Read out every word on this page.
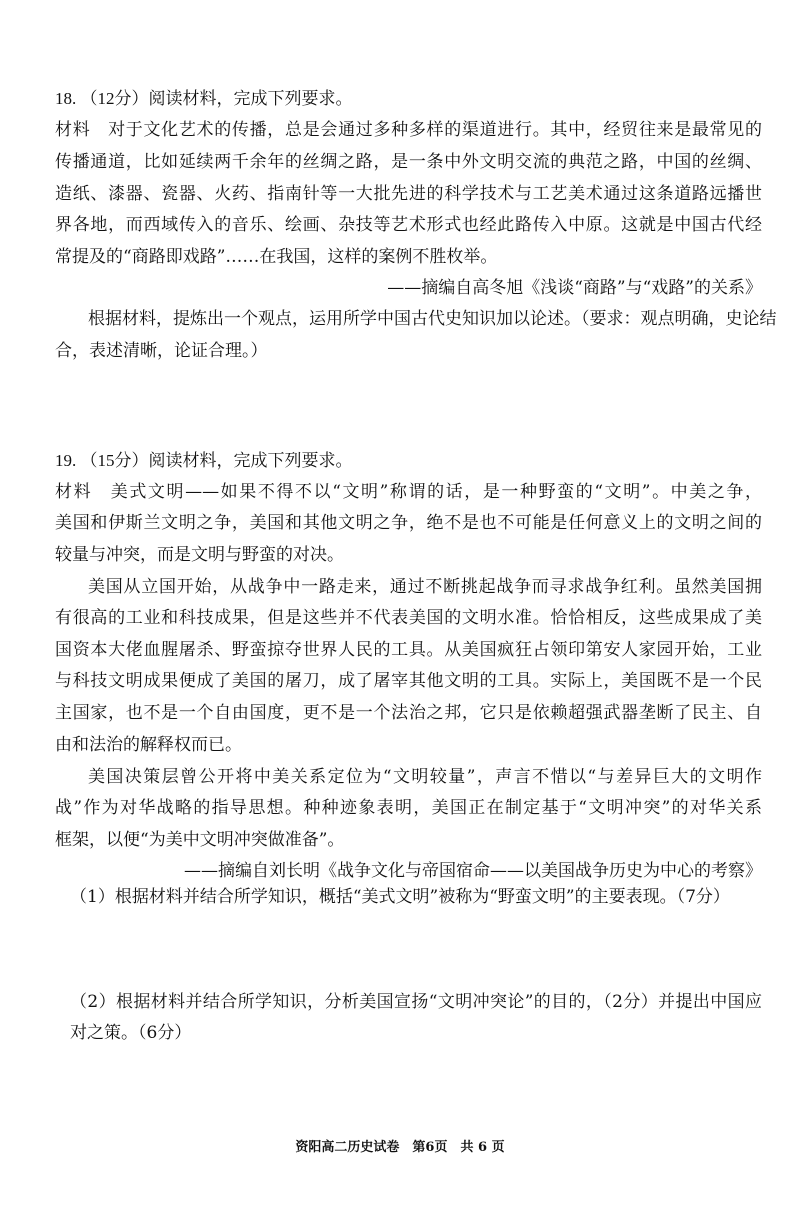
18. （12分）阅读材料，完成下列要求。
材料　对于文化艺术的传播，总是会通过多种多样的渠道进行。其中，经贸往来是最常见的
传播通道，比如延续两千余年的丝绸之路，是一条中外文明交流的典范之路，中国的丝绸、
造纸、漆器、瓷器、火药、指南针等一大批先进的科学技术与工艺美术通过这条道路远播世
界各地，而西域传入的音乐、绘画、杂技等艺术形式也经此路传入中原。这就是中国古代经
常提及的“商路即戏路”……在我国，这样的案例不胜枚举。
——摘编自高冬旭《浅谈“商路”与“戏路”的关系》
根据材料，提炼出一个观点，运用所学中国古代史知识加以论述。（要求：观点明确，史论结
合，表述清晰，论证合理。）
19. （15分）阅读材料，完成下列要求。
材料　美式文明——如果不得不以“文明”称谓的话，是一种野蛮的“文明”。中美之争，
美国和伊斯兰文明之争，美国和其他文明之争，绝不是也不可能是任何意义上的文明之间的
较量与冲突，而是文明与野蛮的对决。
美国从立国开始，从战争中一路走来，通过不断挑起战争而寻求战争红利。虽然美国拥
有很高的工业和科技成果，但是这些并不代表美国的文明水准。恰恰相反，这些成果成了美
国资本大佬血腥屠杀、野蛮掠夺世界人民的工具。从美国疯狂占领印第安人家园开始，工业
与科技文明成果便成了美国的屠刀，成了屠宰其他文明的工具。实际上，美国既不是一个民
主国家，也不是一个自由国度，更不是一个法治之邦，它只是依赖超强武器垄断了民主、自
由和法治的解释权而已。
美国决策层曾公开将中美关系定位为“文明较量”，声言不惜以“与差异巨大的文明作
战”作为对华战略的指导思想。种种迹象表明，美国正在制定基于“文明冲突”的对华关系
框架，以便“为美中文明冲突做准备”。
——摘编自刘长明《战争文化与帝国宿命——以美国战争历史为中心的考察》
（1）根据材料并结合所学知识，概括“美式文明”被称为“野蛮文明”的主要表现。（7分）
（2）根据材料并结合所学知识，分析美国宣扬“文明冲突论”的目的，（2分）并提出中国应
对之策。（6分）
资阳高二历史试卷　第6页　共 6 页
